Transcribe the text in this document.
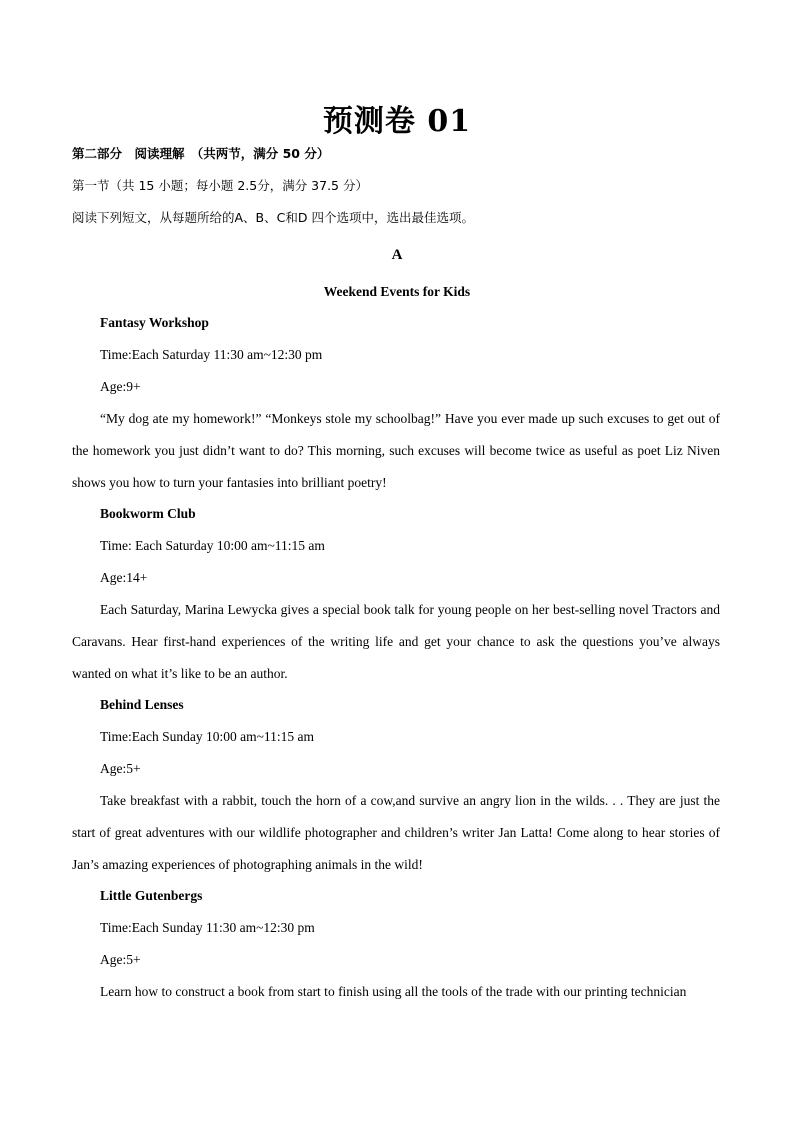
预测卷 01
第二部分　阅读理解　（共两节，满分 50 分）
第一节（共 15 小题；每小题 2.5分，满分 37.5 分）
阅读下列短文，从每题所给的A、B、C和D 四个选项中，选出最佳选项。
A
Weekend Events for Kids
Fantasy Workshop
Time:Each Saturday 11:30 am~12:30 pm
Age:9+

“My dog ate my homework!” “Monkeys stole my schoolbag!” Have you ever made up such excuses to get out of the homework you just didn’t want to do? This morning, such excuses will become twice as useful as poet Liz Niven shows you how to turn your fantasies into brilliant poetry!

Bookworm Club
Time: Each Saturday 10:00 am~11:15 am
Age:14+

Each Saturday, Marina Lewycka gives a special book talk for young people on her best-selling novel Tractors and Caravans. Hear first-hand experiences of the writing life and get your chance to ask the questions you’ve always wanted on what it’s like to be an author.

Behind Lenses
Time:Each Sunday 10:00 am~11:15 am
Age:5+

Take breakfast with a rabbit, touch the horn of a cow,and survive an angry lion in the wilds. . . They are just the start of great adventures with our wildlife photographer and children’s writer Jan Latta! Come along to hear stories of Jan’s amazing experiences of photographing animals in the wild!

Little Gutenbergs
Time:Each Sunday 11:30 am~12:30 pm
Age:5+

Learn how to construct a book from start to finish using all the tools of the trade with our printing technician
